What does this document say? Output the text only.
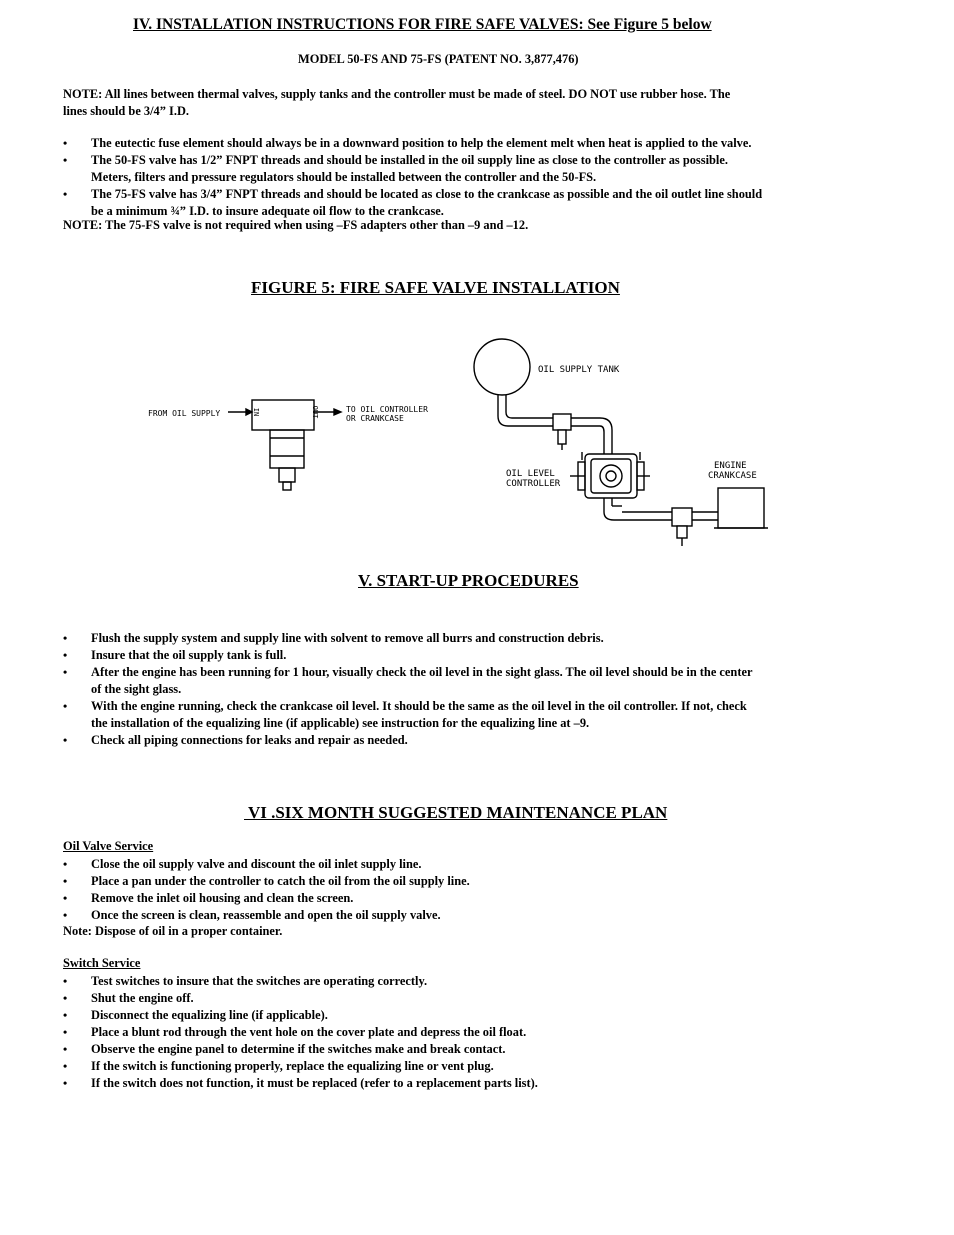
IV. INSTALLATION INSTRUCTIONS FOR FIRE SAFE VALVES: See Figure 5 below
MODEL 50-FS AND 75-FS (PATENT NO. 3,877,476)
NOTE: All lines between thermal valves, supply tanks and the controller must be made of steel. DO NOT use rubber hose. The
lines should be 3/4” I.D.
• The eutectic fuse element should always be in a downward position to help the element melt when heat is applied to the valve.
• The 50-FS valve has 1/2” FNPT threads and should be installed in the oil supply line as close to the controller as possible.
Meters, filters and pressure regulators should be installed between the controller and the 50-FS.
• The 75-FS valve has 3/4” FNPT threads and should be located as close to the crankcase as possible and the oil outlet line should
be a minimum ¾” I.D. to insure adequate oil flow to the crankcase.
NOTE: The 75-FS valve is not required when using –FS adapters other than –9 and –12.
FIGURE 5: FIRE SAFE VALVE INSTALLATION
FROM OIL SUPPLY	IN	OUT	TO OIL CONTROLLER
OR CRANKCASE
OIL SUPPLY TANK
OIL LEVEL
CONTROLLER
ENGINE
CRANKCASE
V. START-UP PROCEDURES
• Flush the supply system and supply line with solvent to remove all burrs and construction debris.
• Insure that the oil supply tank is full.
• After the engine has been running for 1 hour, visually check the oil level in the sight glass. The oil level should be in the center
of the sight glass.
• With the engine running, check the crankcase oil level. It should be the same as the oil level in the oil controller. If not, check
the installation of the equalizing line (if applicable) see instruction for the equalizing line at –9.
• Check all piping connections for leaks and repair as needed.
VI .SIX MONTH SUGGESTED MAINTENANCE PLAN
Oil Valve Service
• Close the oil supply valve and discount the oil inlet supply line.
• Place a pan under the controller to catch the oil from the oil supply line.
• Remove the inlet oil housing and clean the screen.
• Once the screen is clean, reassemble and open the oil supply valve.
Note: Dispose of oil in a proper container.
Switch Service
• Test switches to insure that the switches are operating correctly.
• Shut the engine off.
• Disconnect the equalizing line (if applicable).
• Place a blunt rod through the vent hole on the cover plate and depress the oil float.
• Observe the engine panel to determine if the switches make and break contact.
• If the switch is functioning properly, replace the equalizing line or vent plug.
• If the switch does not function, it must be replaced (refer to a replacement parts list).
